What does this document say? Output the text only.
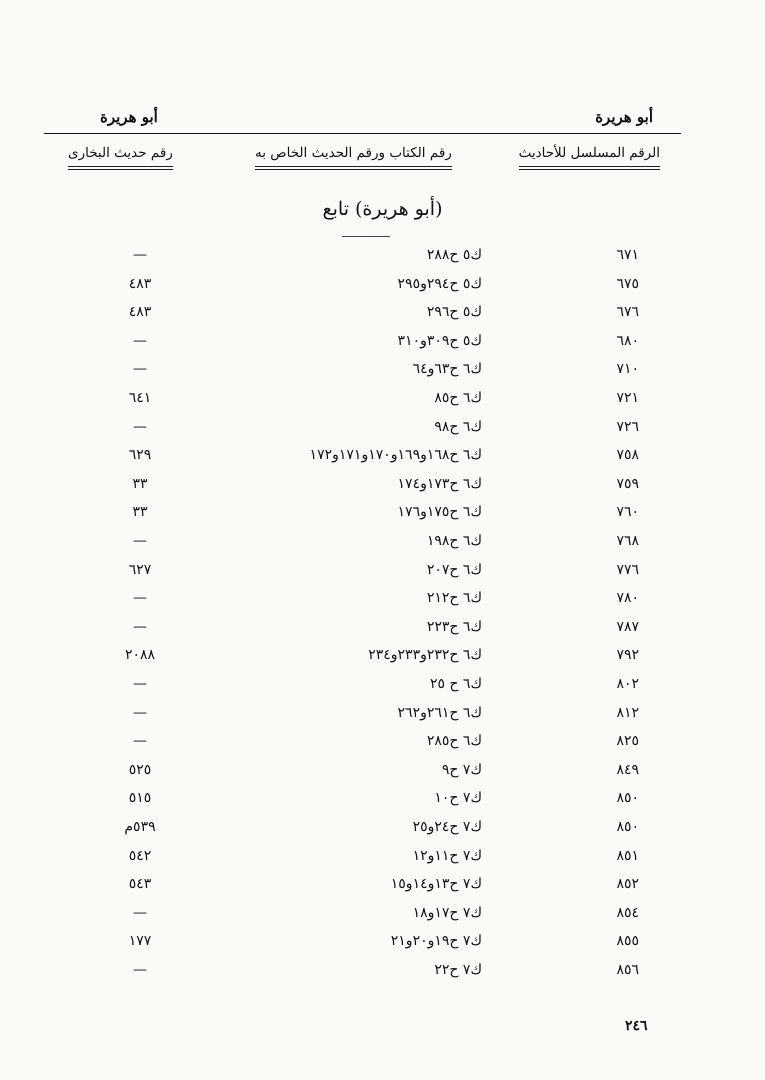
أبو هريرة
أبو هريرة
الرقم المسلسل للأحاديث
رقم الكتاب ورقم الحديث الخاص به
رقم حديث البخارى
(أبو هريرة) تابع
٦٧١
ك٥ ح٢٨٨
—
٦٧٥
ك٥ ح٢٩٤و٢٩٥
٤٨٣
٦٧٦
ك٥ ح٢٩٦
٤٨٣
٦٨٠
ك٥ ح٣٠٩و٣١٠
—
٧١٠
ك٦ ح٦٣و٦٤
—
٧٢١
ك٦ ح٨٥
٦٤١
٧٢٦
ك٦ ح٩٨
—
٧٥٨
ك٦ ح١٦٨و١٦٩و١٧٠و١٧١و١٧٢
٦٢٩
٧٥٩
ك٦ ح١٧٣و١٧٤
٣٣
٧٦٠
ك٦ ح١٧٥و١٧٦
٣٣
٧٦٨
ك٦ ح١٩٨
—
٧٧٦
ك٦ ح٢٠٧
٦٢٧
٧٨٠
ك٦ ح٢١٢
—
٧٨٧
ك٦ ح٢٢٣
—
٧٩٢
ك٦ ح٢٣٢و٢٣٣و٢٣٤
٢٠٨٨
٨٠٢
ك٦ ح ٢٥
—
٨١٢
ك٦ ح٢٦١و٢٦٢
—
٨٢٥
ك٦ ح٢٨٥
—
٨٤٩
ك٧ ح٩
٥٢٥
٨٥٠
ك٧ ح١٠
٥١٥
٨٥٠
ك٧ ح٢٤و٢٥
٥٣٩م
٨٥١
ك٧ ح١١و١٢
٥٤٢
٨٥٢
ك٧ ح١٣و١٤و١٥
٥٤٣
٨٥٤
ك٧ ح١٧و١٨
—
٨٥٥
ك٧ ح١٩و٢٠و٢١
١٧٧
٨٥٦
ك٧ ح٢٢
—
٢٤٦
